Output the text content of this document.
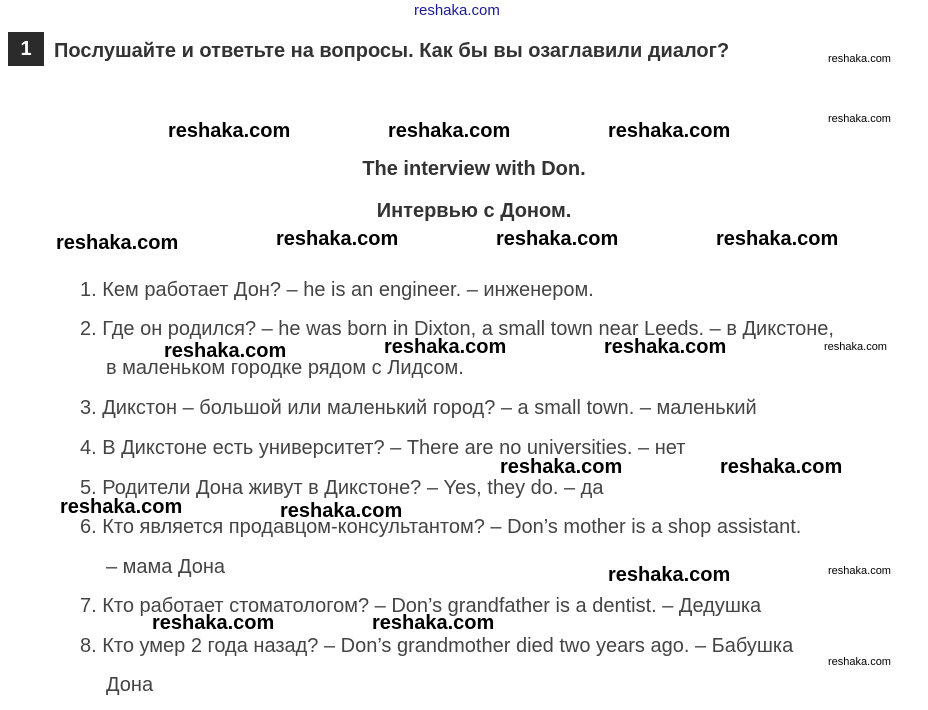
reshaka.com
1	Послушайте и ответьте на вопросы. Как бы вы озаглавили диалог?
The interview with Don.
Интервью с Доном.
1. Кем работает Дон? – he is an engineer. – инженером.
2. Где он родился? – he was born in Dixton, a small town near Leeds. – в Дикстоне,
в маленьком городке рядом с Лидсом.
3. Дикстон – большой или маленький город? – a small town. – маленький
4. В Дикстоне есть университет? – There are no universities. – нет
5. Родители Дона живут в Дикстоне? – Yes, they do. – да
6. Кто является продавцом-консультантом? – Don’s mother is a shop assistant.
– мама Дона
7. Кто работает стоматологом? – Don’s grandfather is a dentist. – Дедушка
8. Кто умер 2 года назад? – Don’s grandmother died two years ago. – Бабушка
Дона
reshaka.com	reshaka.com	reshaka.com
reshaka.com	reshaka.com	reshaka.com	reshaka.com
reshaka.com	reshaka.com	reshaka.com
reshaka.com	reshaka.com
reshaka.com	reshaka.com
reshaka.com
reshaka.com	reshaka.com
reshaka.com
reshaka.com
reshaka.com
reshaka.com
reshaka.com
